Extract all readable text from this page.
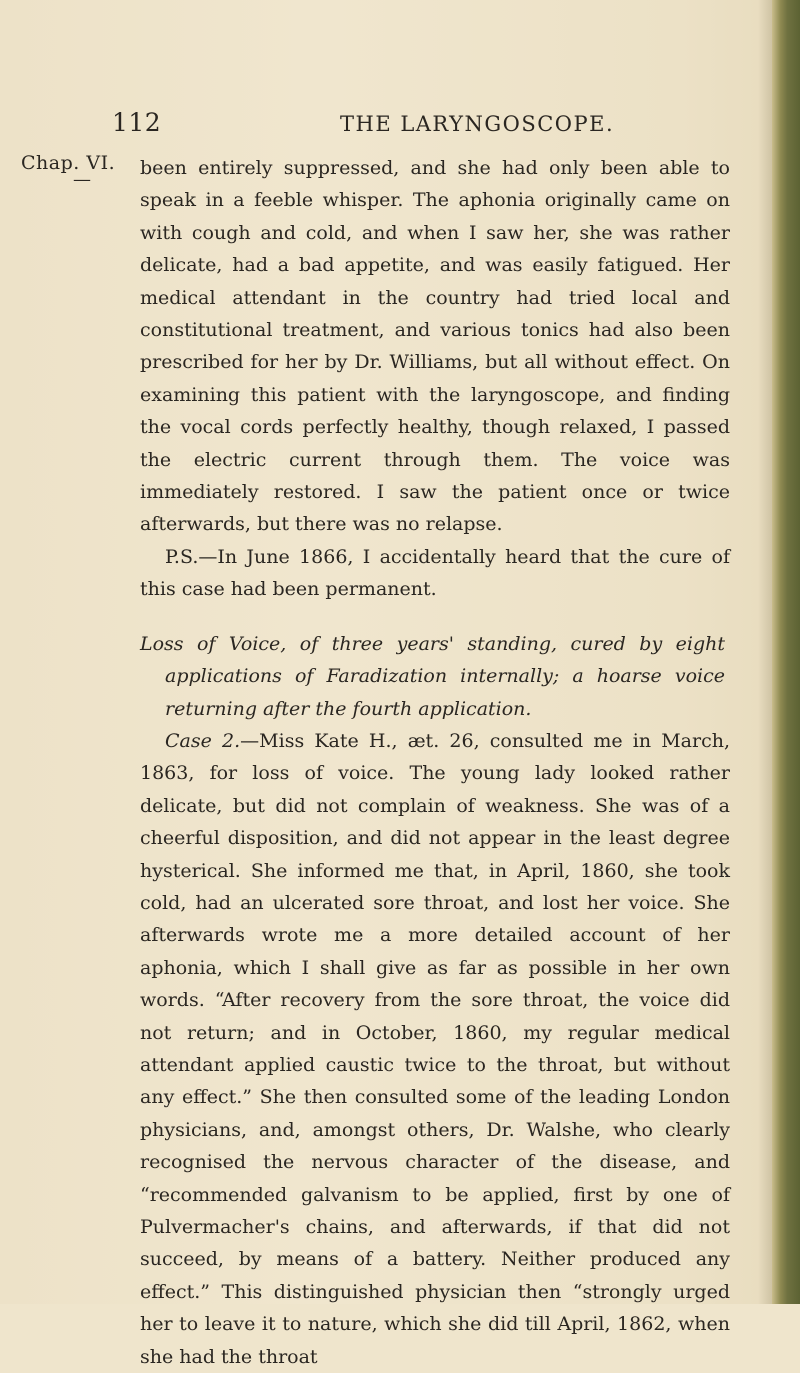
112	THE LARYNGOSCOPE.
Chap. VI.
—

been entirely suppressed, and she had only been able to speak in a feeble whisper. The aphonia originally came on with cough and cold, and when I saw her, she was rather delicate, had a bad appetite, and was easily fatigued. Her medical attendant in the country had tried local and constitutional treatment, and various tonics had also been prescribed for her by Dr. Williams, but all without effect. On examining this patient with the laryngoscope, and finding the vocal cords perfectly healthy, though relaxed, I passed the electric current through them. The voice was immediately restored. I saw the patient once or twice afterwards, but there was no relapse.

P.S.—In June 1866, I accidentally heard that the cure of this case had been permanent.

Loss of Voice, of three years' standing, cured by eight applications of Faradization internally; a hoarse voice returning after the fourth application.

Case 2.—Miss Kate H., æt. 26, consulted me in March, 1863, for loss of voice. The young lady looked rather delicate, but did not complain of weakness. She was of a cheerful disposition, and did not appear in the least degree hysterical. She informed me that, in April, 1860, she took cold, had an ulcerated sore throat, and lost her voice. She afterwards wrote me a more detailed account of her aphonia, which I shall give as far as possible in her own words. “After recovery from the sore throat, the voice did not return; and in October, 1860, my regular medical attendant applied caustic twice to the throat, but without any effect.” She then consulted some of the leading London physicians, and, amongst others, Dr. Walshe, who clearly recognised the nervous character of the disease, and “recommended galvanism to be applied, first by one of Pulvermacher's chains, and afterwards, if that did not succeed, by means of a battery. Neither produced any effect.” This distinguished physician then “strongly urged her to leave it to nature, which she did till April, 1862, when she had the throat
